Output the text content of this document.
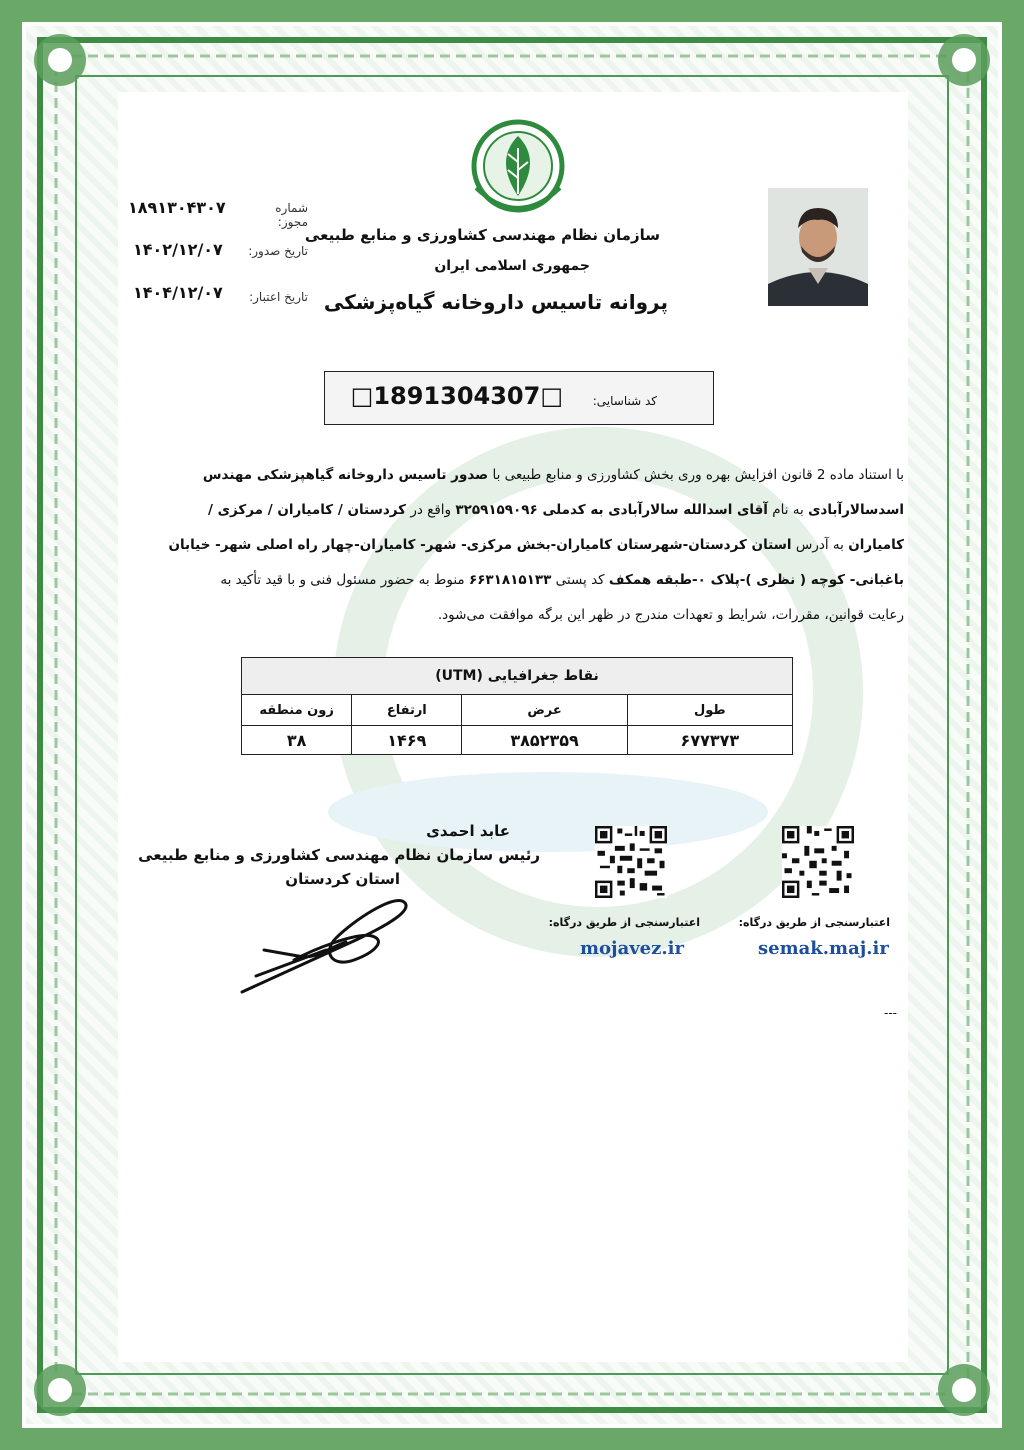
سازمان نظام مهندسی کشاورزی و منابع طبیعی
جمهوری اسلامی ایران
پروانه تاسیس داروخانه گیاه‌پزشکی
شماره مجوز:
۱۸۹۱۳۰۴۳۰۷
تاریخ صدور:
۱۴۰۲/۱۲/۰۷
تاریخ اعتبار:
۱۴۰۴/۱۲/۰۷
کد شناسایی:
□1891304307□
با استناد ماده 2 قانون افزایش بهره وری بخش کشاورزی و منابع طبیعی با صدور تاسیس داروخانه گیاهپزشکی مهندس
اسدسالارآبادی به نام آقای اسدالله سالارآبادی به کدملی ۳۲۵۹۱۵۹۰۹۶ واقع در کردستان / کامیاران / مرکزی /
کامیاران به آدرس استان کردستان-شهرستان کامیاران-بخش مرکزی- شهر- کامیاران-چهار راه اصلی شهر- خیابان
باغبانی- کوچه ( نظری )-پلاک ۰-طبقه همکف کد پستی ۶۶۳۱۸۱۵۱۳۳ منوط به حضور مسئول فنی و با قید تأکید به
رعایت قوانین، مقررات، شرایط و تعهدات مندرج در ظهر این برگه موافقت می‌شود.
نقاط جغرافیایی (UTM)			
طول	عرض	ارتفاع	زون منطقه
۶۷۷۳۷۳	۳۸۵۲۳۵۹	۱۴۶۹	۳۸
عابد احمدی
رئیس سازمان نظام مهندسی کشاورزی و منابع طبیعی
استان کردستان
اعتبارسنجی از طریق درگاه:
mojavez.ir
اعتبارسنجی از طریق درگاه:
semak.maj.ir
---
